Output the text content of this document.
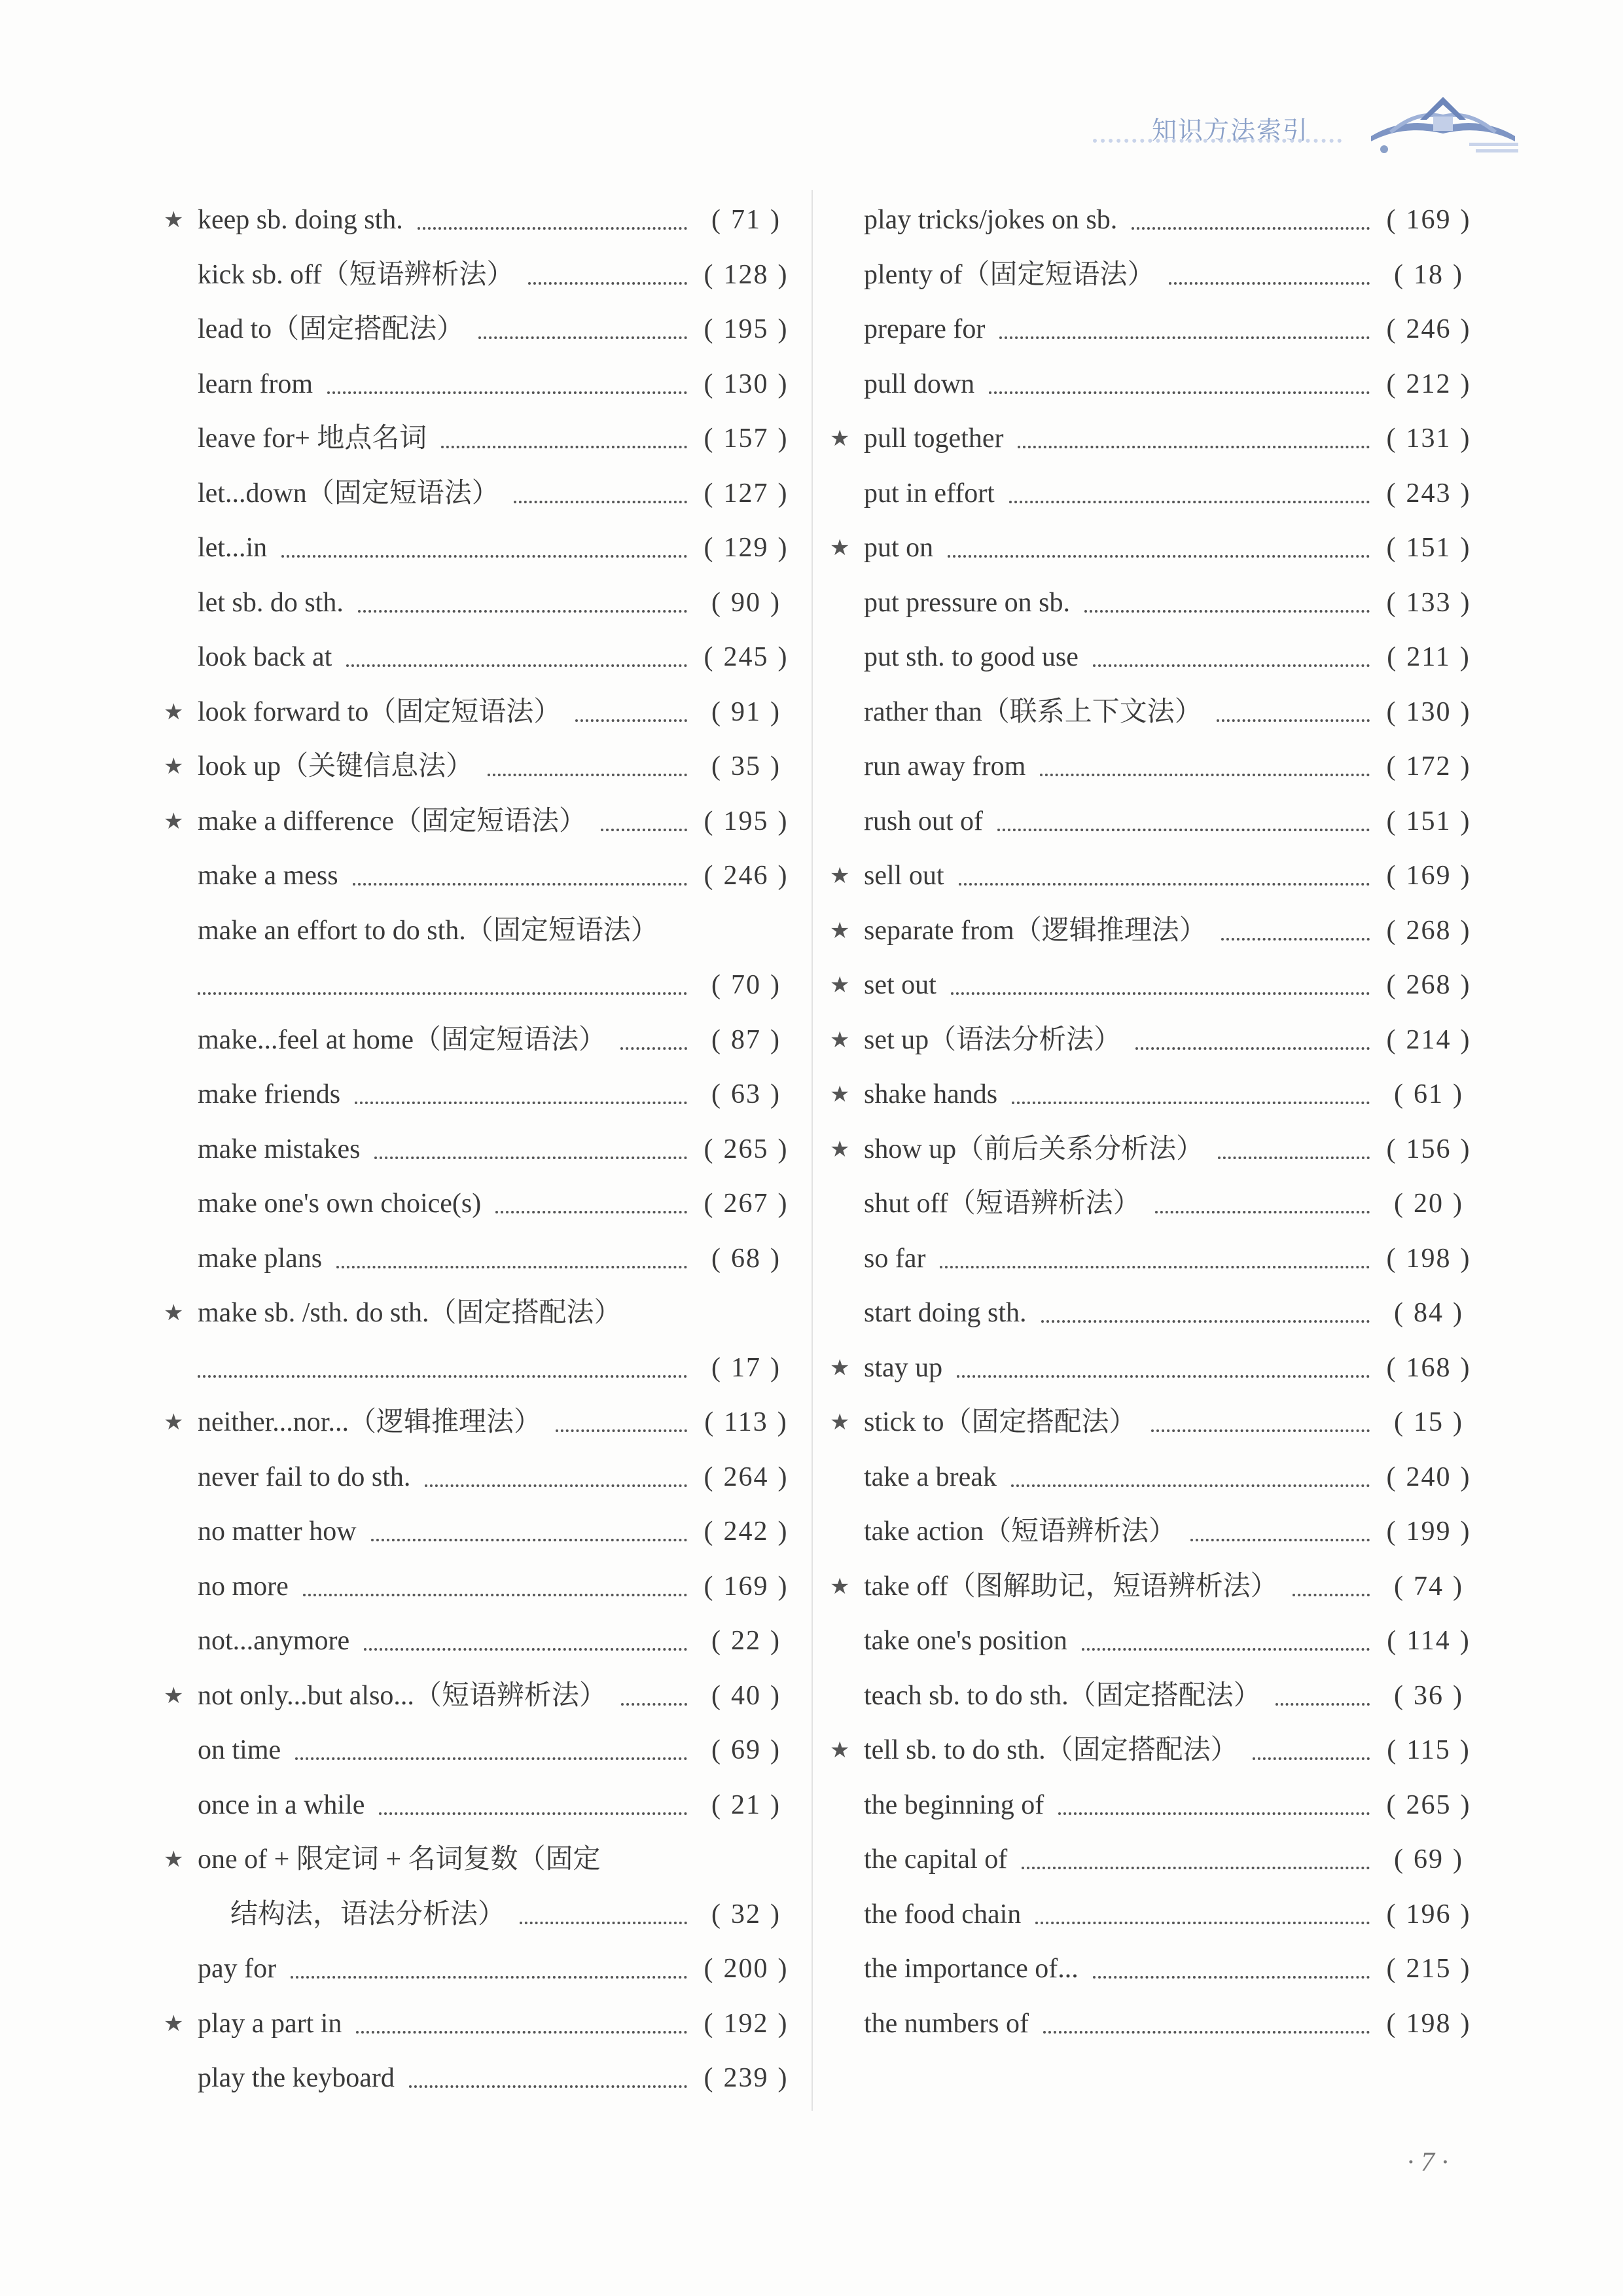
知识方法索引
★ keep sb. doing sth.	( 71 )
kick sb. off（短语辨析法）	( 128 )
lead to（固定搭配法）	( 195 )
learn from	( 130 )
leave for+ 地点名词	( 157 )
let...down（固定短语法）	( 127 )
let...in	( 129 )
let sb. do sth.	( 90 )
look back at	( 245 )
★ look forward to（固定短语法）	( 91 )
★ look up（关键信息法）	( 35 )
★ make a difference（固定短语法）	( 195 )
make a mess	( 246 )
make an effort to do sth.（固定短语法）
( 70 )
make...feel at home（固定短语法）	( 87 )
make friends	( 63 )
make mistakes	( 265 )
make one's own choice(s)	( 267 )
make plans	( 68 )
★ make sb. /sth. do sth.（固定搭配法）
( 17 )
★ neither...nor...（逻辑推理法）	( 113 )
never fail to do sth.	( 264 )
no matter how	( 242 )
no more	( 169 )
not...anymore	( 22 )
★ not only...but also...（短语辨析法）	( 40 )
on time	( 69 )
once in a while	( 21 )
★ one of + 限定词 + 名词复数（固定
结构法，语法分析法）	( 32 )
pay for	( 200 )
★ play a part in	( 192 )
play the keyboard	( 239 )
play tricks/jokes on sb.	( 169 )
plenty of（固定短语法）	( 18 )
prepare for	( 246 )
pull down	( 212 )
★ pull together	( 131 )
put in effort	( 243 )
★ put on	( 151 )
put pressure on sb.	( 133 )
put sth. to good use	( 211 )
rather than（联系上下文法）	( 130 )
run away from	( 172 )
rush out of	( 151 )
★ sell out	( 169 )
★ separate from（逻辑推理法）	( 268 )
★ set out	( 268 )
★ set up（语法分析法）	( 214 )
★ shake hands	( 61 )
★ show up（前后关系分析法）	( 156 )
shut off（短语辨析法）	( 20 )
so far	( 198 )
start doing sth.	( 84 )
★ stay up	( 168 )
★ stick to（固定搭配法）	( 15 )
take a break	( 240 )
take action（短语辨析法）	( 199 )
★ take off（图解助记，短语辨析法）	( 74 )
take one's position	( 114 )
teach sb. to do sth.（固定搭配法）	( 36 )
★ tell sb. to do sth.（固定搭配法）	( 115 )
the beginning of	( 265 )
the capital of	( 69 )
the food chain	( 196 )
the importance of...	( 215 )
the numbers of	( 198 )
· 7 ·
